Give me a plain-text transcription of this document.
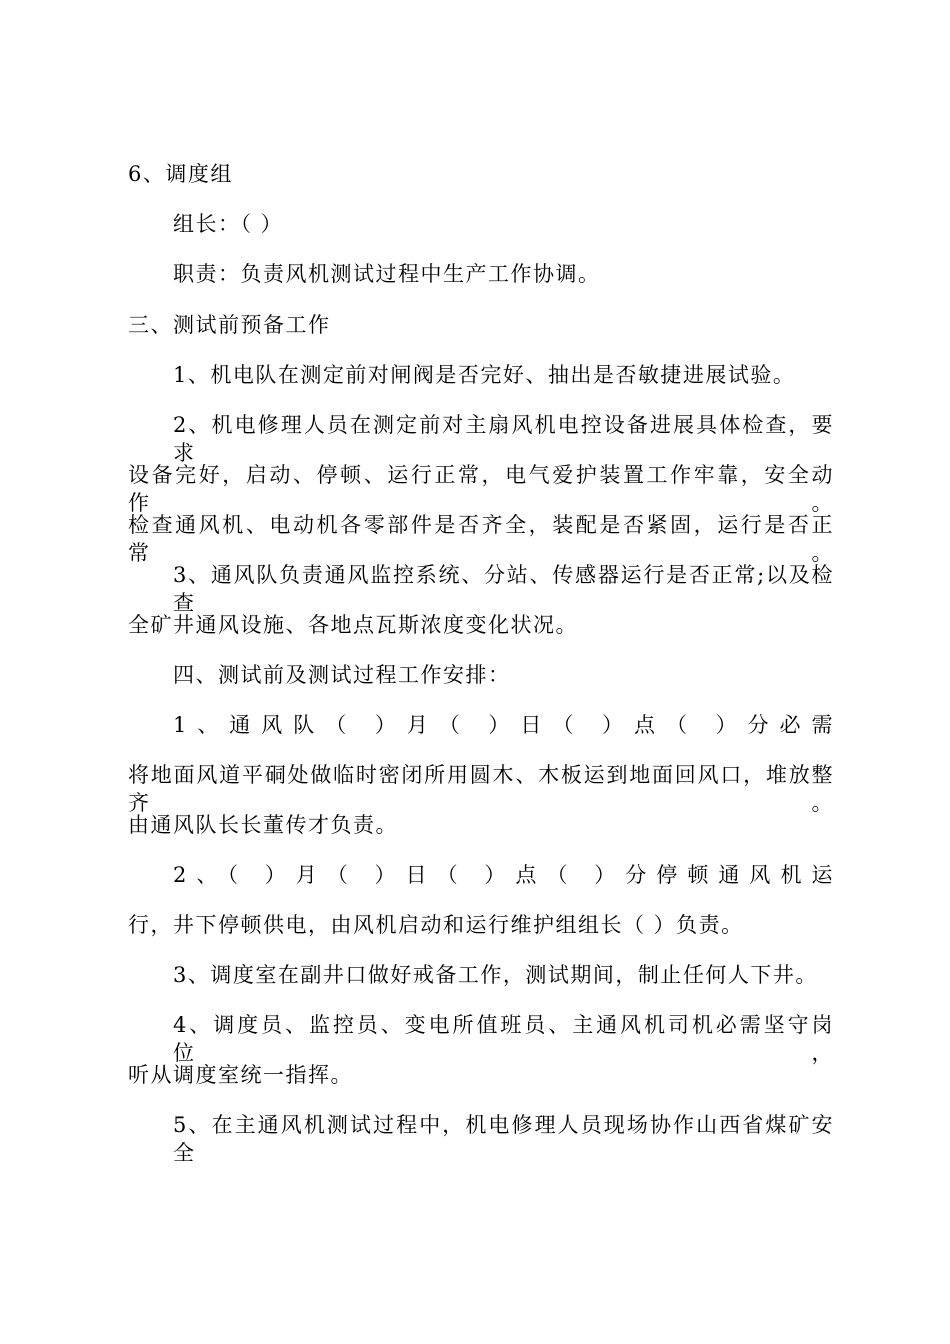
6、调度组
组长：（ ）
职责：负责风机测试过程中生产工作协调。
三、测试前预备工作
1、机电队在测定前对闸阀是否完好、抽出是否敏捷进展试验。
2、机电修理人员在测定前对主扇风机电控设备进展具体检查，要求
设备完好，启动、停顿、运行正常，电气爱护装置工作牢靠，安全动作。
检查通风机、电动机各零部件是否齐全，装配是否紧固，运行是否正常。
3、通风队负责通风监控系统、分站、传感器运行是否正常;以及检查
全矿井通风设施、各地点瓦斯浓度变化状况。
四、测试前及测试过程工作安排：
1、通风队（ ）月（ ）日（ ）点（ ）分必需
将地面风道平硐处做临时密闭所用圆木、木板运到地面回风口，堆放整齐。
由通风队长长董传才负责。
2、（ ）月（ ）日（ ）点（ ）分停顿通风机运
行，井下停顿供电，由风机启动和运行维护组组长（ ）负责。
3、调度室在副井口做好戒备工作，测试期间，制止任何人下井。
4、调度员、监控员、变电所值班员、主通风机司机必需坚守岗位，
听从调度室统一指挥。
5、在主通风机测试过程中，机电修理人员现场协作山西省煤矿安全
